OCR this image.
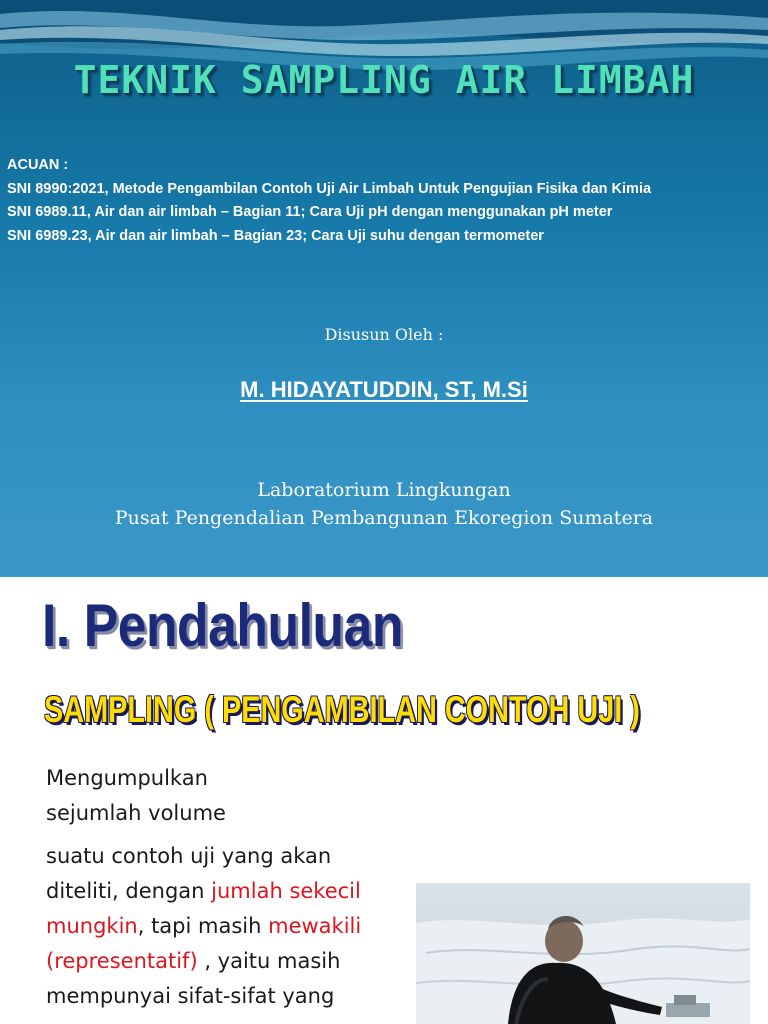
TEKNIK SAMPLING AIR LIMBAH
ACUAN :
SNI 8990:2021, Metode Pengambilan Contoh Uji Air Limbah Untuk Pengujian Fisika dan Kimia
SNI 6989.11, Air dan air limbah – Bagian 11; Cara Uji pH dengan menggunakan pH meter
SNI 6989.23, Air dan air limbah – Bagian 23; Cara Uji suhu dengan termometer
Disusun Oleh :
M. HIDAYATUDDIN, ST, M.Si
Laboratorium Lingkungan
Pusat Pengendalian Pembangunan Ekoregion Sumatera
I. Pendahuluan
SAMPLING ( PENGAMBILAN CONTOH UJI )
Mengumpulkan
sejumlah volume
suatu contoh uji yang akan diteliti, dengan jumlah sekecil mungkin, tapi masih mewakili (representatif) , yaitu masih mempunyai sifat-sifat yang
